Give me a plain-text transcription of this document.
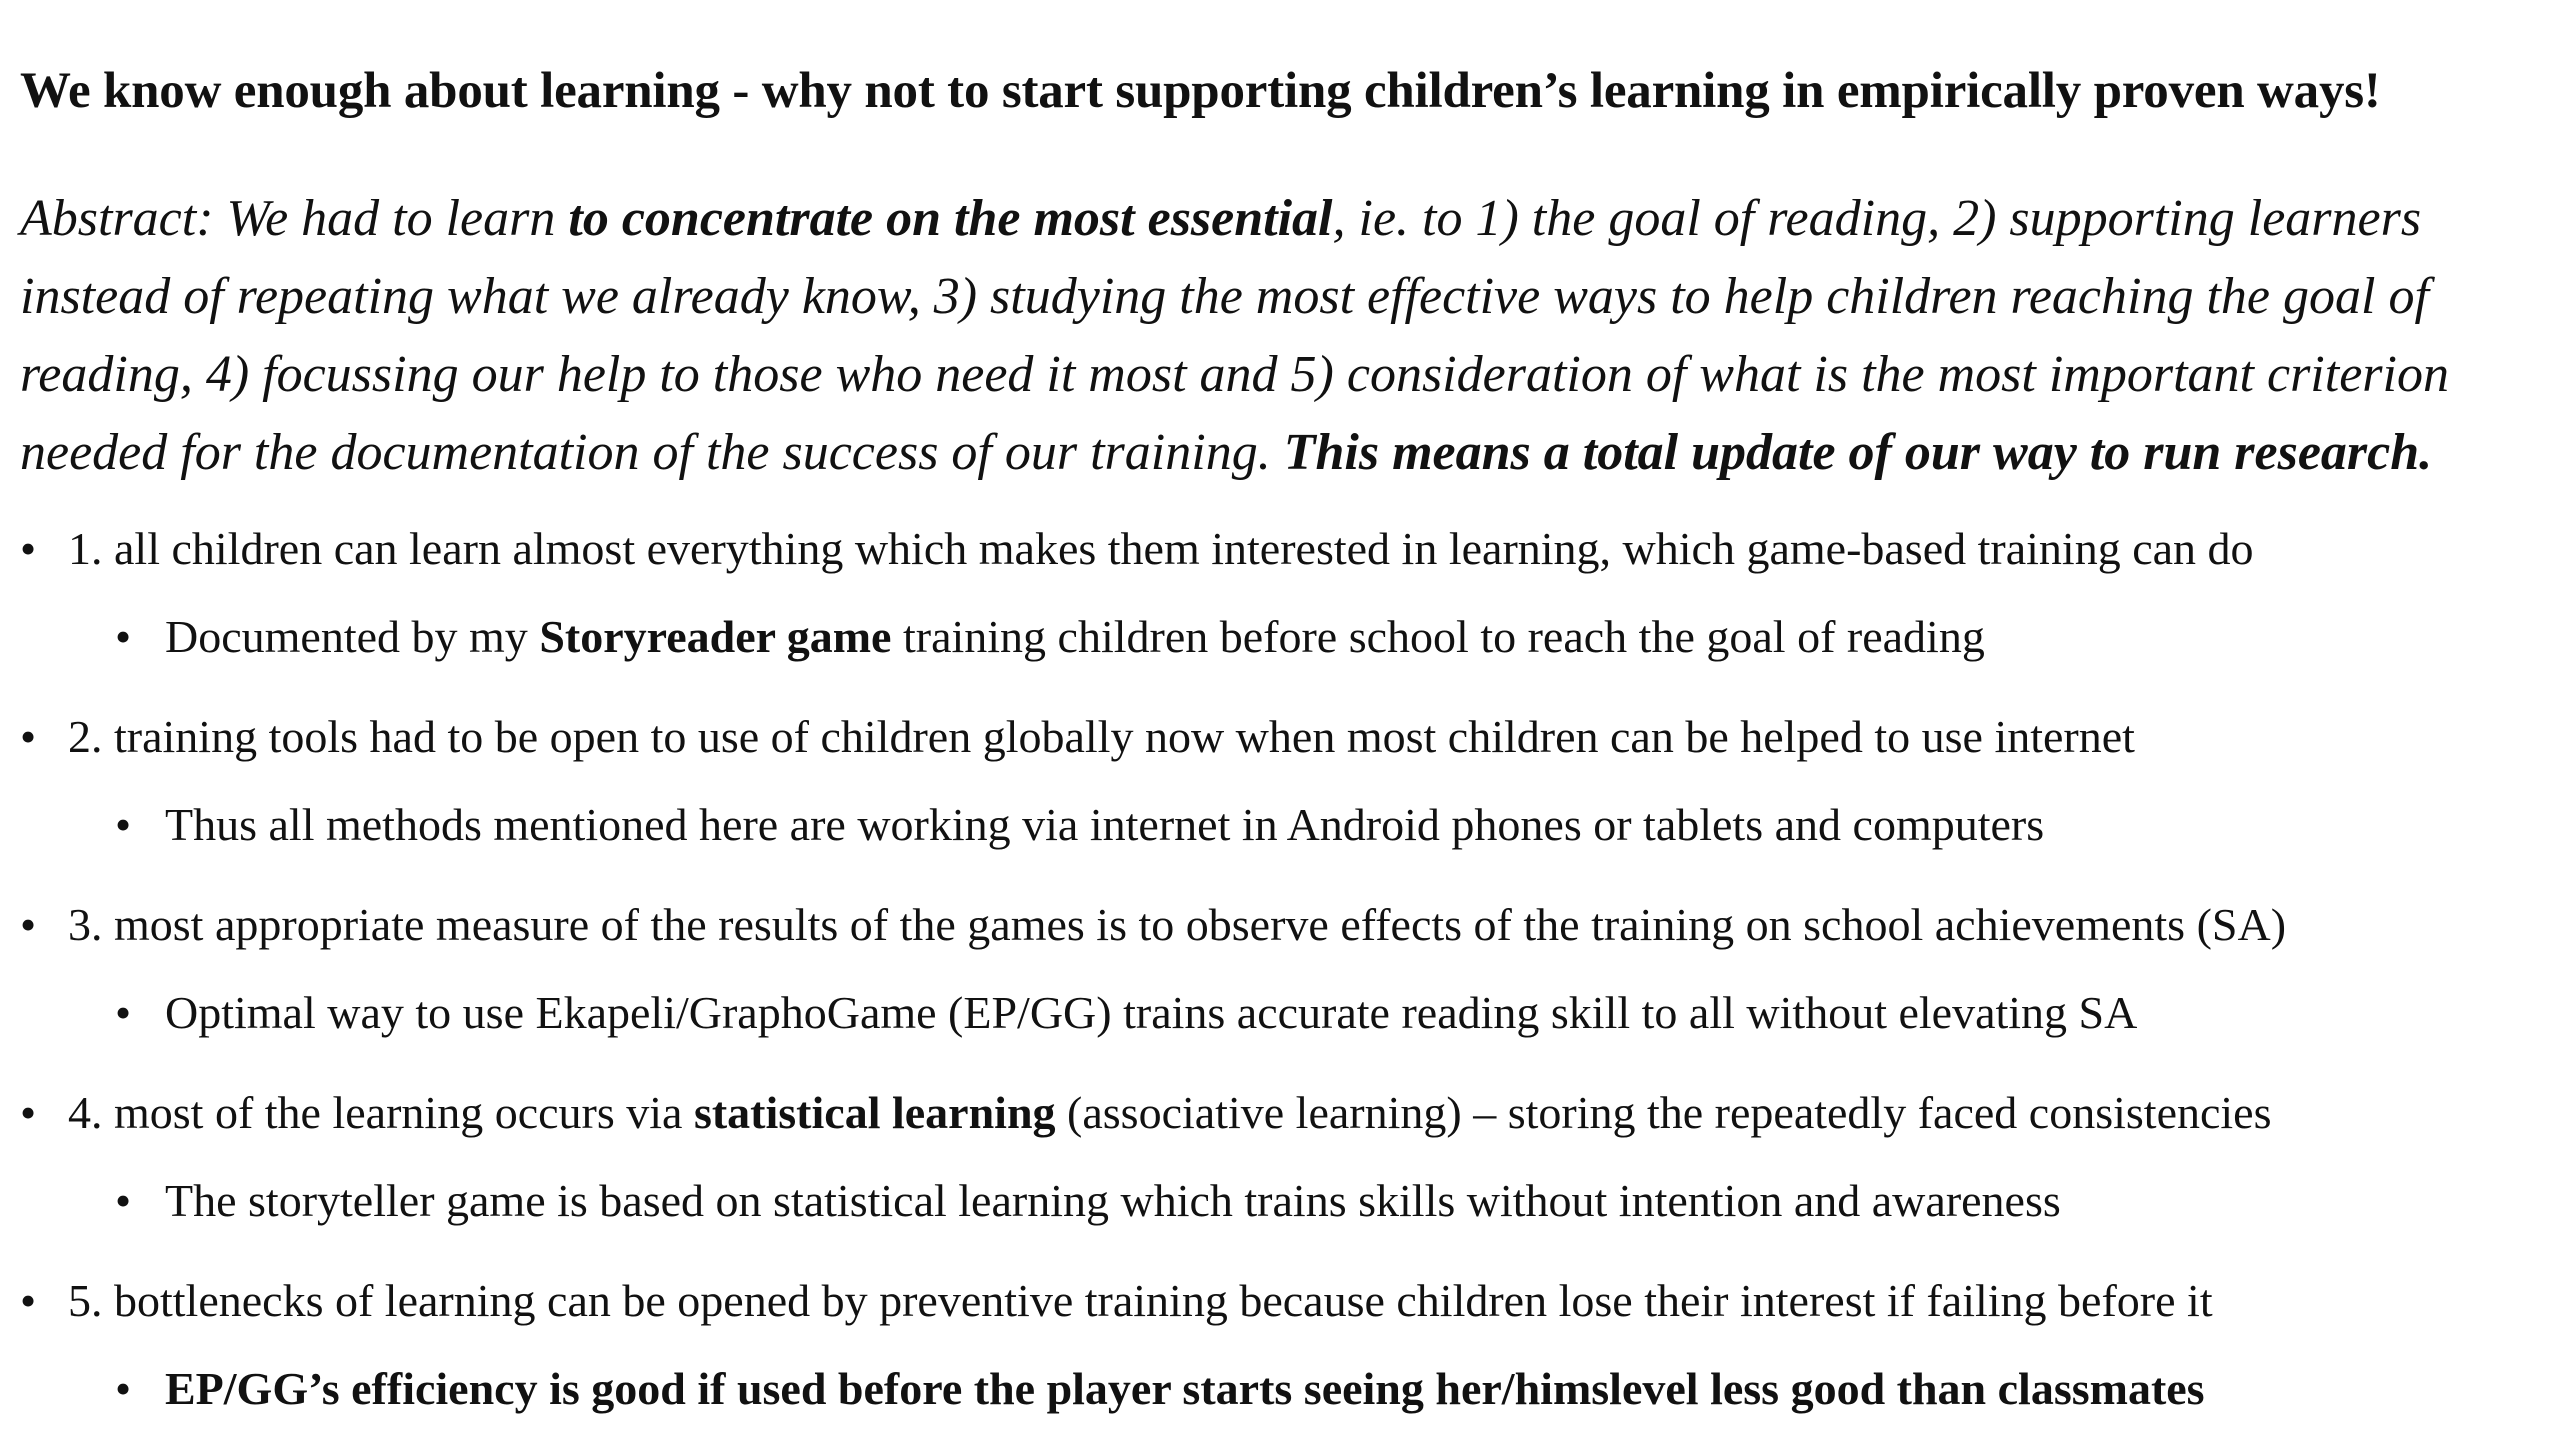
We know enough about learning - why not to start supporting children’s learning in empirically proven ways!
Abstract: We had to learn to concentrate on the most essential, ie. to 1) the goal of reading, 2) supporting learners instead of repeating what we already know, 3) studying the most effective ways to help children reaching the goal of reading, 4) focussing our help to those who need it most and 5) consideration of what is the most important criterion needed for the documentation of the success of our training. This means a total update of our way to run research.
• 1. all children can learn almost everything which makes them interested in learning, which game-based training can do
• Documented by my Storyreader game training children before school to reach the goal of reading
• 2. training tools had to be open to use of children globally now when most children can be helped to use internet
• Thus all methods mentioned here are working via internet in Android phones or tablets and computers
• 3. most appropriate measure of the results of the games is to observe effects of the training on school achievements (SA)
• Optimal way to use Ekapeli/GraphoGame (EP/GG) trains accurate reading skill to all without elevating SA
• 4. most of the learning occurs via statistical learning (associative learning) – storing the repeatedly faced consistencies
• The storyteller game is based on statistical learning which trains skills without intention and awareness
• 5. bottlenecks of learning can be opened by preventive training because children lose their interest if failing before it
• EP/GG’s efficiency is good if used before the player starts seeing her/himslevel less good than classmates
